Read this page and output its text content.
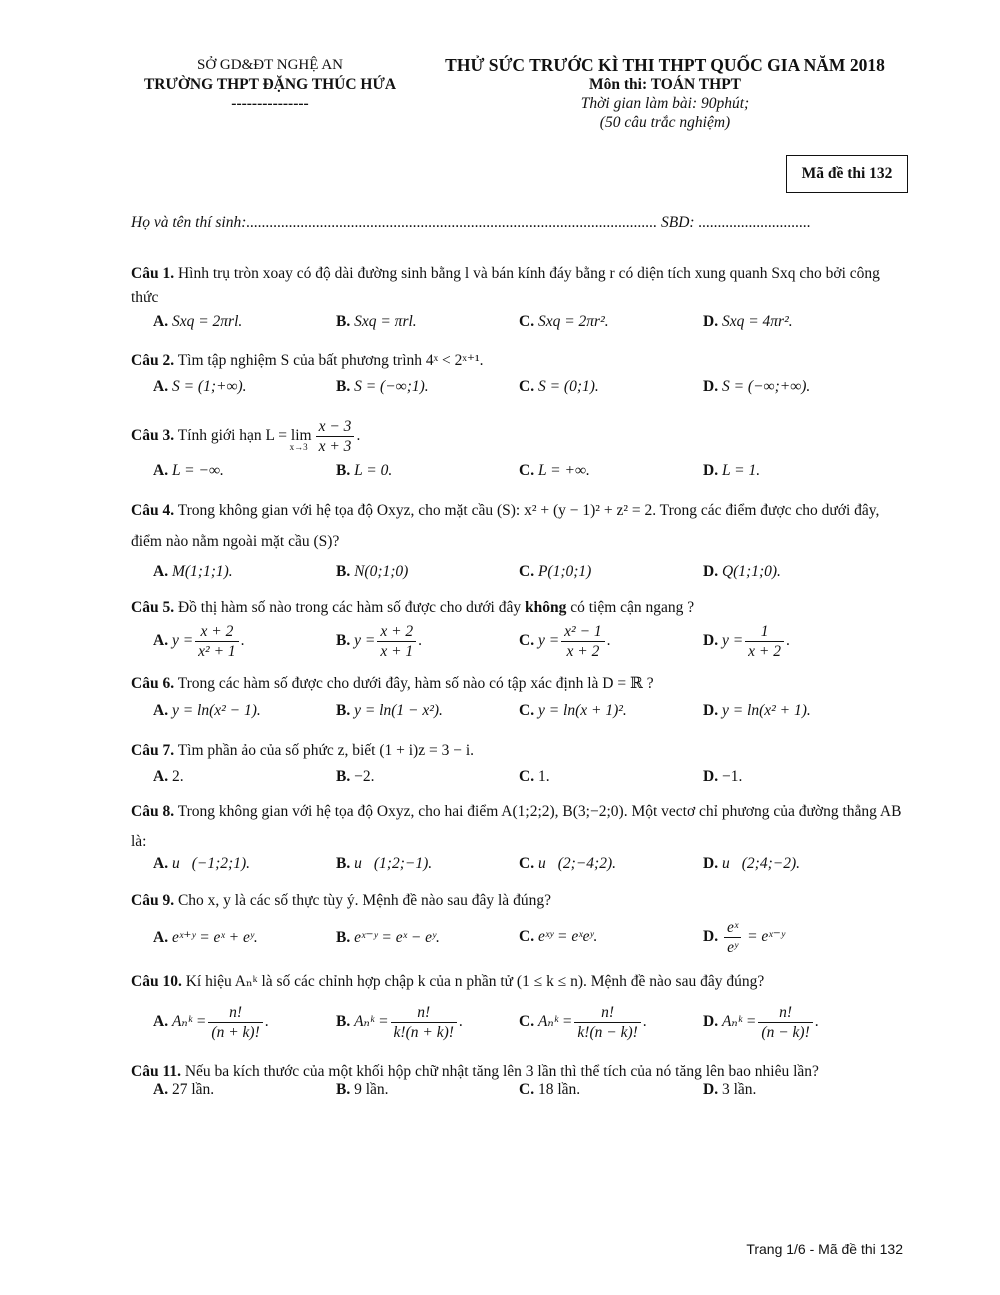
SỞ GD&ĐT NGHỆ AN
TRƯỜNG THPT ĐẶNG THÚC HỨA
---------------
THỬ SỨC TRƯỚC KÌ THI THPT QUỐC GIA NĂM 2018
Môn thi: TOÁN THPT
Thời gian làm bài: 90phút;
(50 câu trắc nghiệm)
Mã đề thi 132
Họ và tên thí sinh:.......................................................................................................... SBD: .............................
Câu 1. Hình trụ tròn xoay có độ dài đường sinh bằng l và bán kính đáy bằng r có diện tích xung quanh Sxq cho bởi công thức
A. Sxq = 2πrl.	B. Sxq = πrl.	C. Sxq = 2πr².	D. Sxq = 4πr².
Câu 2. Tìm tập nghiệm S của bất phương trình 4ˣ < 2ˣ⁺¹.
A. S = (1;+∞).	B. S = (−∞;1).	C. S = (0;1).	D. S = (−∞;+∞).
Câu 3. Tính giới hạn $L = \lim x\to 3 \frac{x - 3}{x + 3}$ .
A. L = −∞.	B. L = 0.	C. L = +∞.	D. L = 1.
Câu 4. Trong không gian với hệ tọa độ Oxyz, cho mặt cầu (S): x² + (y − 1)² + z² = 2. Trong các điểm được cho dưới đây, điểm nào nằm ngoài mặt cầu (S)?
A. M(1;1;1).	B. N(0;1;0)	C. P(1;0;1)	D. Q(1;1;0).
Câu 5. Đồ thị hàm số nào trong các hàm số được cho dưới đây không có tiệm cận ngang ?
A. $y = \frac{x + 2}{\text{x² + 1}}$ .	B. $y = \frac{x + 2}{x + 1}$ .	C. $y = \frac{\text{x² − 1}}{x + 2}$ .	D. $y = \frac{1}{x + 2}$ .
Câu 6. Trong các hàm số được cho dưới đây, hàm số nào có tập xác định là D = ℝ ?
A. y = ln(x² − 1).	B. y = ln(1 − x²).	C. y = ln(x + 1)².	D. y = ln(x² + 1).
Câu 7. Tìm phần ảo của số phức z, biết (1 + i)z = 3 − i.
A. 2.	B. −2.	C. 1.	D. −1.
Câu 8. Trong không gian với hệ tọa độ Oxyz, cho hai điểm A(1;2;2), B(3;−2;0). Một vectơ chỉ phương của đường thẳng AB là:
A. u⃗(−1;2;1).	B. u⃗(1;2;−1).	C. u⃗(2;−4;2).	D. u⃗(2;4;−2).
Câu 9. Cho x, y là các số thực tùy ý. Mệnh đề nào sau đây là đúng?
A. eˣ⁺ʸ = eˣ + eʸ.	B. eˣ⁻ʸ = eˣ − eʸ.	C. eˣʸ = eˣeʸ.	D. $\frac{\text{eˣ}}{\text{eʸ}}$ = eˣ⁻ʸ
Câu 10. Kí hiệu Aₙᵏ là số các chỉnh hợp chập k của n phần tử (1 ≤ k ≤ n). Mệnh đề nào sau đây đúng?
A. Aₙᵏ = $\frac{n!}{(n + k)!}$ .	B. Aₙᵏ = $\frac{n!}{k!(n + k)!}$ .	C. Aₙᵏ = $\frac{n!}{k!(n - k)!}$ .	D. Aₙᵏ = $\frac{n!}{(n - k)!}$ .
Câu 11. Nếu ba kích thước của một khối hộp chữ nhật tăng lên 3 lần thì thể tích của nó tăng lên bao nhiêu lần?
A. 27 lần.	B. 9 lần.	C. 18 lần.	D. 3 lần.
Trang 1/6 - Mã đề thi 132
